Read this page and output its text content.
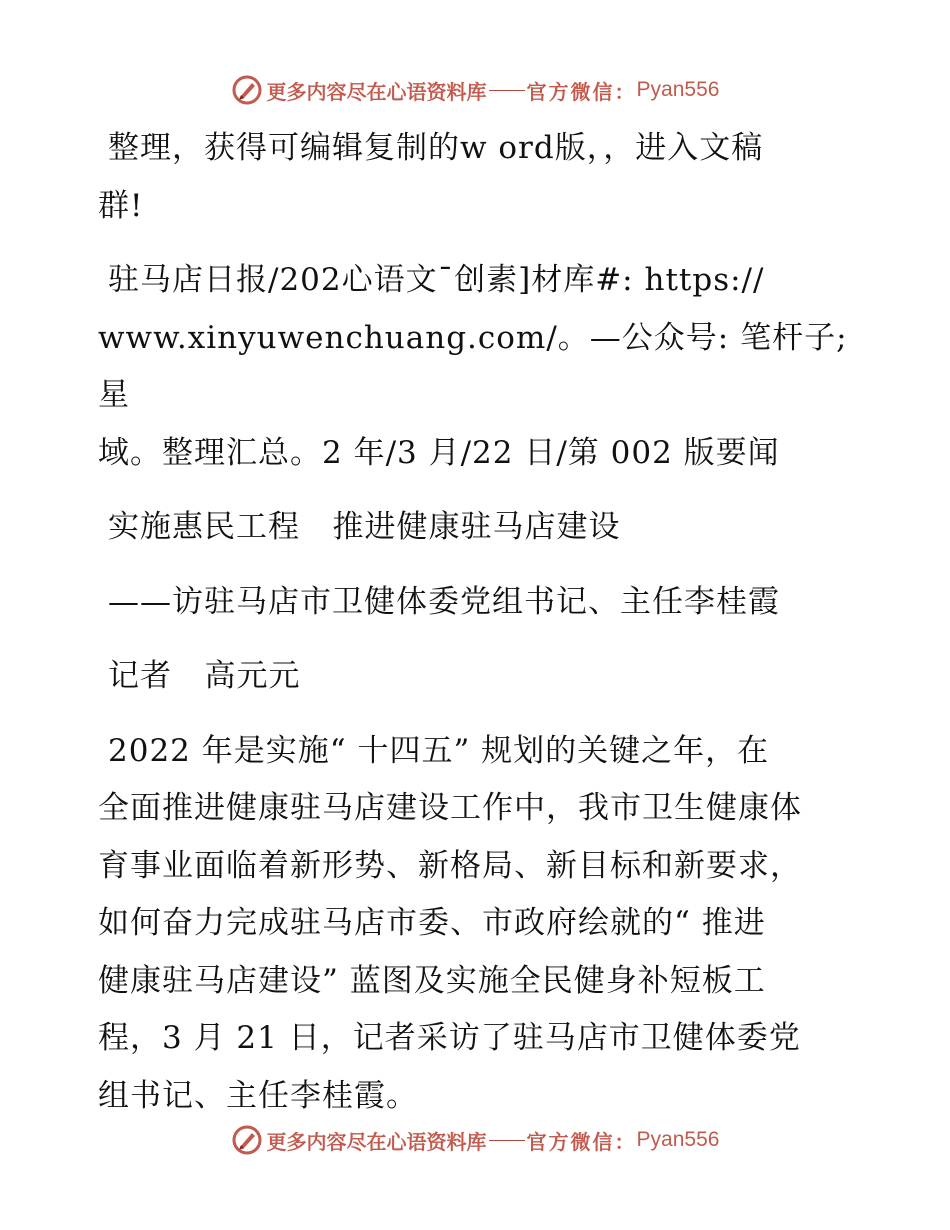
更多内容尽在心语资料库 官方微信： Pyan556

整理，获得可编辑复制的w ord版，，进入文稿
群!

驻马店日报/202心语文¯创素]材库#: https://
www.xinyuwenchuang.com/。—公众号: 笔杆子;星
域。整理汇总。2 年/3 月/22 日/第 002 版要闻

实施惠民工程   推进健康驻马店建设

——访驻马店市卫健体委党组书记、主任李桂霞

记者   高元元

2022 年是实施“ 十四五” 规划的关键之年，在
全面推进健康驻马店建设工作中，我市卫生健康体
育事业面临着新形势、新格局、新目标和新要求，
如何奋力完成驻马店市委、市政府绘就的“ 推进
健康驻马店建设” 蓝图及实施全民健身补短板工
程，3 月 21 日，记者采访了驻马店市卫健体委党
组书记、主任李桂霞。

更多内容尽在心语资料库 官方微信： Pyan556
